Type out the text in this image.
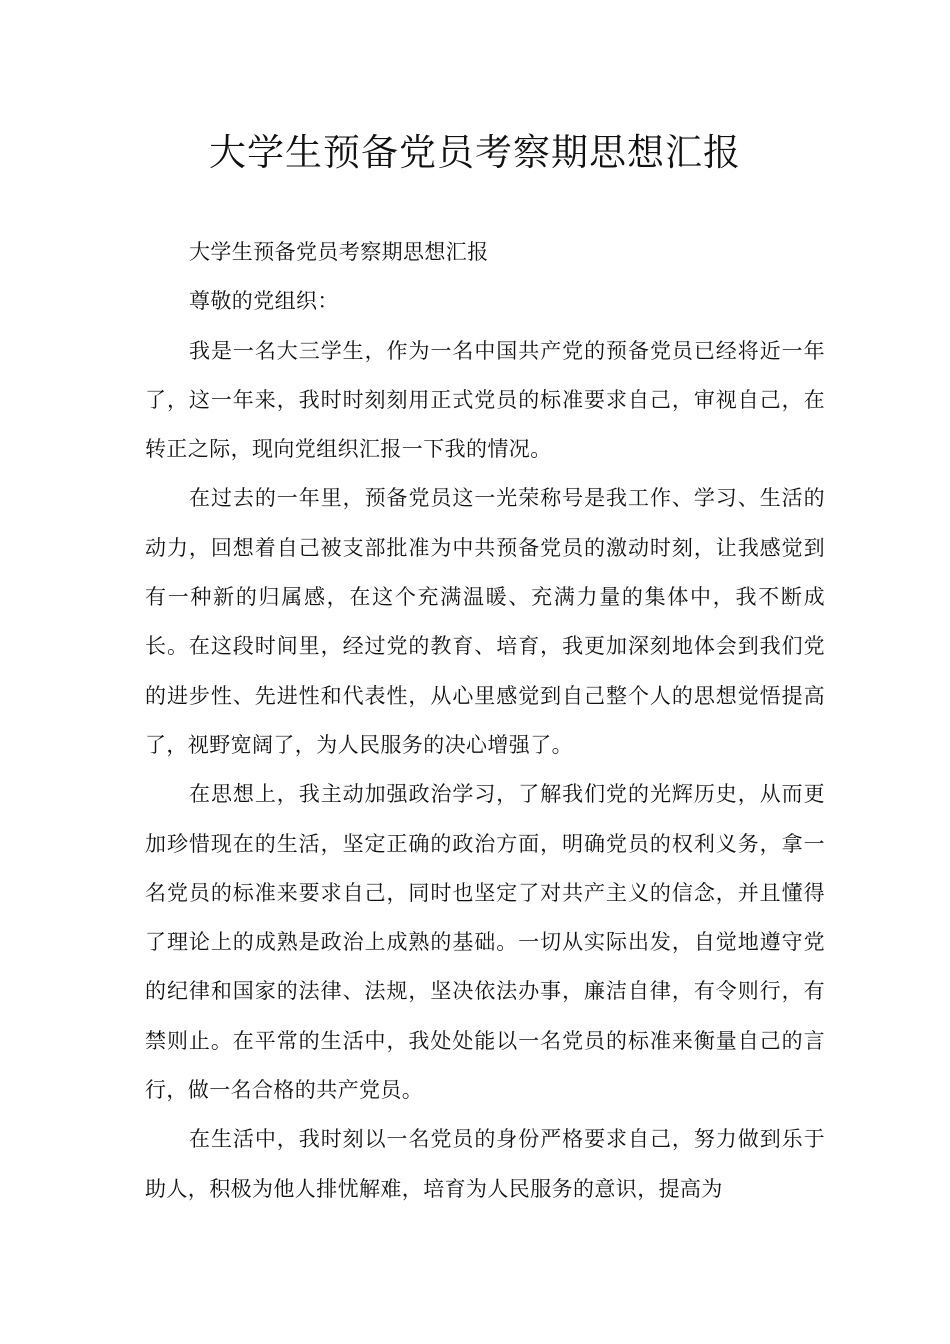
大学生预备党员考察期思想汇报

大学生预备党员考察期思想汇报

尊敬的党组织：

我是一名大三学生，作为一名中国共产党的预备党员已经将近一年了，这一年来，我时时刻刻用正式党员的标准要求自己，审视自己，在转正之际，现向党组织汇报一下我的情况。

在过去的一年里，预备党员这一光荣称号是我工作、学习、生活的动力，回想着自己被支部批准为中共预备党员的激动时刻，让我感觉到有一种新的归属感，在这个充满温暖、充满力量的集体中，我不断成长。在这段时间里，经过党的教育、培育，我更加深刻地体会到我们党的进步性、先进性和代表性，从心里感觉到自己整个人的思想觉悟提高了，视野宽阔了，为人民服务的决心增强了。

在思想上，我主动加强政治学习，了解我们党的光辉历史，从而更加珍惜现在的生活，坚定正确的政治方面，明确党员的权利义务，拿一名党员的标准来要求自己，同时也坚定了对共产主义的信念，并且懂得了理论上的成熟是政治上成熟的基础。一切从实际出发，自觉地遵守党的纪律和国家的法律、法规，坚决依法办事，廉洁自律，有令则行，有禁则止。在平常的生活中，我处处能以一名党员的标准来衡量自己的言行，做一名合格的共产党员。

在生活中，我时刻以一名党员的身份严格要求自己，努力做到乐于助人，积极为他人排忧解难，培育为人民服务的意识，提高为
